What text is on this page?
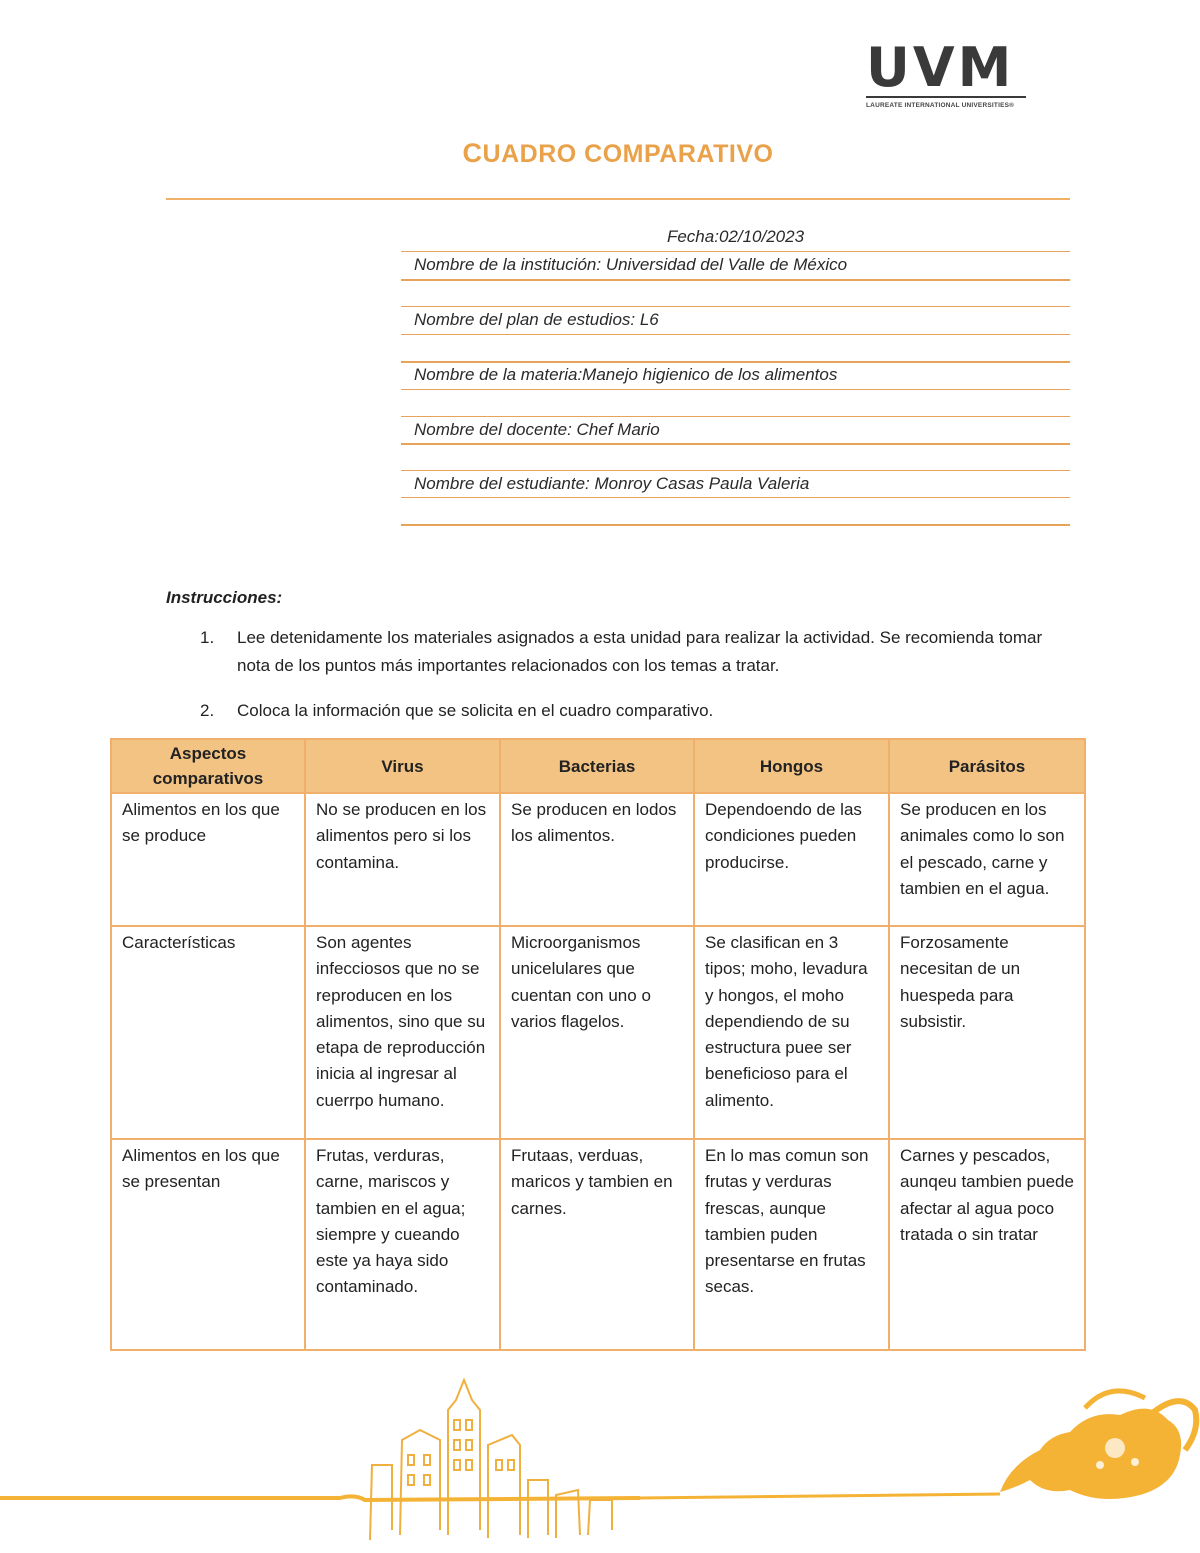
UVM
LAUREATE INTERNATIONAL UNIVERSITIES®
CUADRO COMPARATIVO
Fecha:02/10/2023
Nombre de la institución: Universidad del Valle de México
Nombre del plan de estudios: L6
Nombre de la materia:Manejo higienico de los alimentos
Nombre del docente: Chef Mario
Nombre del estudiante: Monroy Casas Paula Valeria
Instrucciones:
1. Lee detenidamente los materiales asignados a esta unidad para realizar la actividad. Se recomienda tomar nota de los puntos más importantes relacionados con los temas a tratar.
2. Coloca la información que se solicita en el cuadro comparativo.
Aspectos comparativos	Virus	Bacterias	Hongos	Parásitos
Alimentos en los que se produce	No se producen en los alimentos pero si los contamina.	Se producen en lodos los alimentos.	Dependoendo de las condiciones pueden producirse.	Se producen en los animales como lo son el pescado, carne y tambien en el agua.
Características	Son agentes infecciosos que no se reproducen en los alimentos, sino que su etapa de reproducción inicia al ingresar al cuerrpo humano.	Microorganismos unicelulares que cuentan con uno o varios flagelos.	Se clasifican en 3 tipos; moho, levadura y hongos, el moho dependiendo de su estructura puee ser beneficioso para el alimento.	Forzosamente necesitan de un huespeda para subsistir.
Alimentos en los que se presentan	Frutas, verduras, carne, mariscos y tambien en el agua; siempre y cueando este ya haya sido contaminado.	Frutaas, verduas, maricos y tambien en carnes.	En lo mas comun son frutas y verduras frescas, aunque tambien puden presentarse en frutas secas.	Carnes y pescados, aunqeu tambien puede afectar al agua poco tratada o sin tratar
